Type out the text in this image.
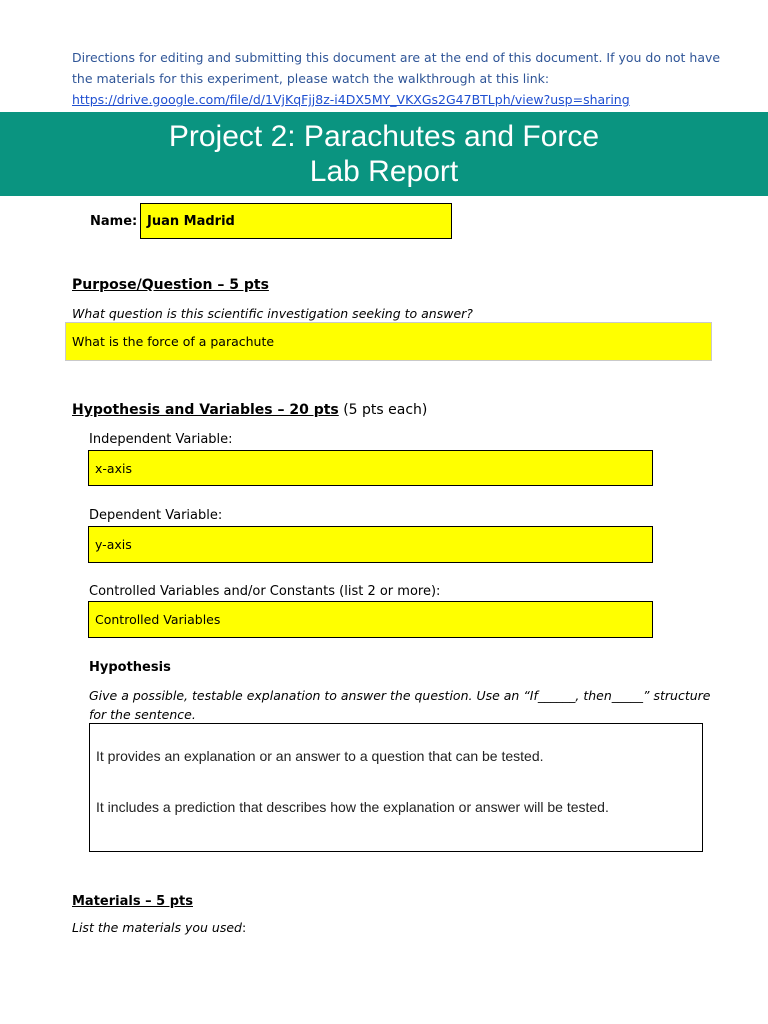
Directions for editing and submitting this document are at the end of this document. If you do not have
the materials for this experiment, please watch the walkthrough at this link:
https://drive.google.com/file/d/1VjKqFjj8z-i4DX5MY_VKXGs2G47BTLph/view?usp=sharing
Project 2: Parachutes and Force
Lab Report
Name: Juan Madrid
Purpose/Question – 5 pts
What question is this scientific investigation seeking to answer?
What is the force of a parachute
Hypothesis and Variables – 20 pts (5 pts each)
Independent Variable:
x-axis
Dependent Variable:
y-axis
Controlled Variables and/or Constants (list 2 or more):
Controlled Variables
Hypothesis
Give a possible, testable explanation to answer the question. Use an “If______, then_____” structure
for the sentence.

It provides an explanation or an answer to a question that can be tested.

It includes a prediction that describes how the explanation or answer will be tested.

Materials – 5 pts
List the materials you used:
